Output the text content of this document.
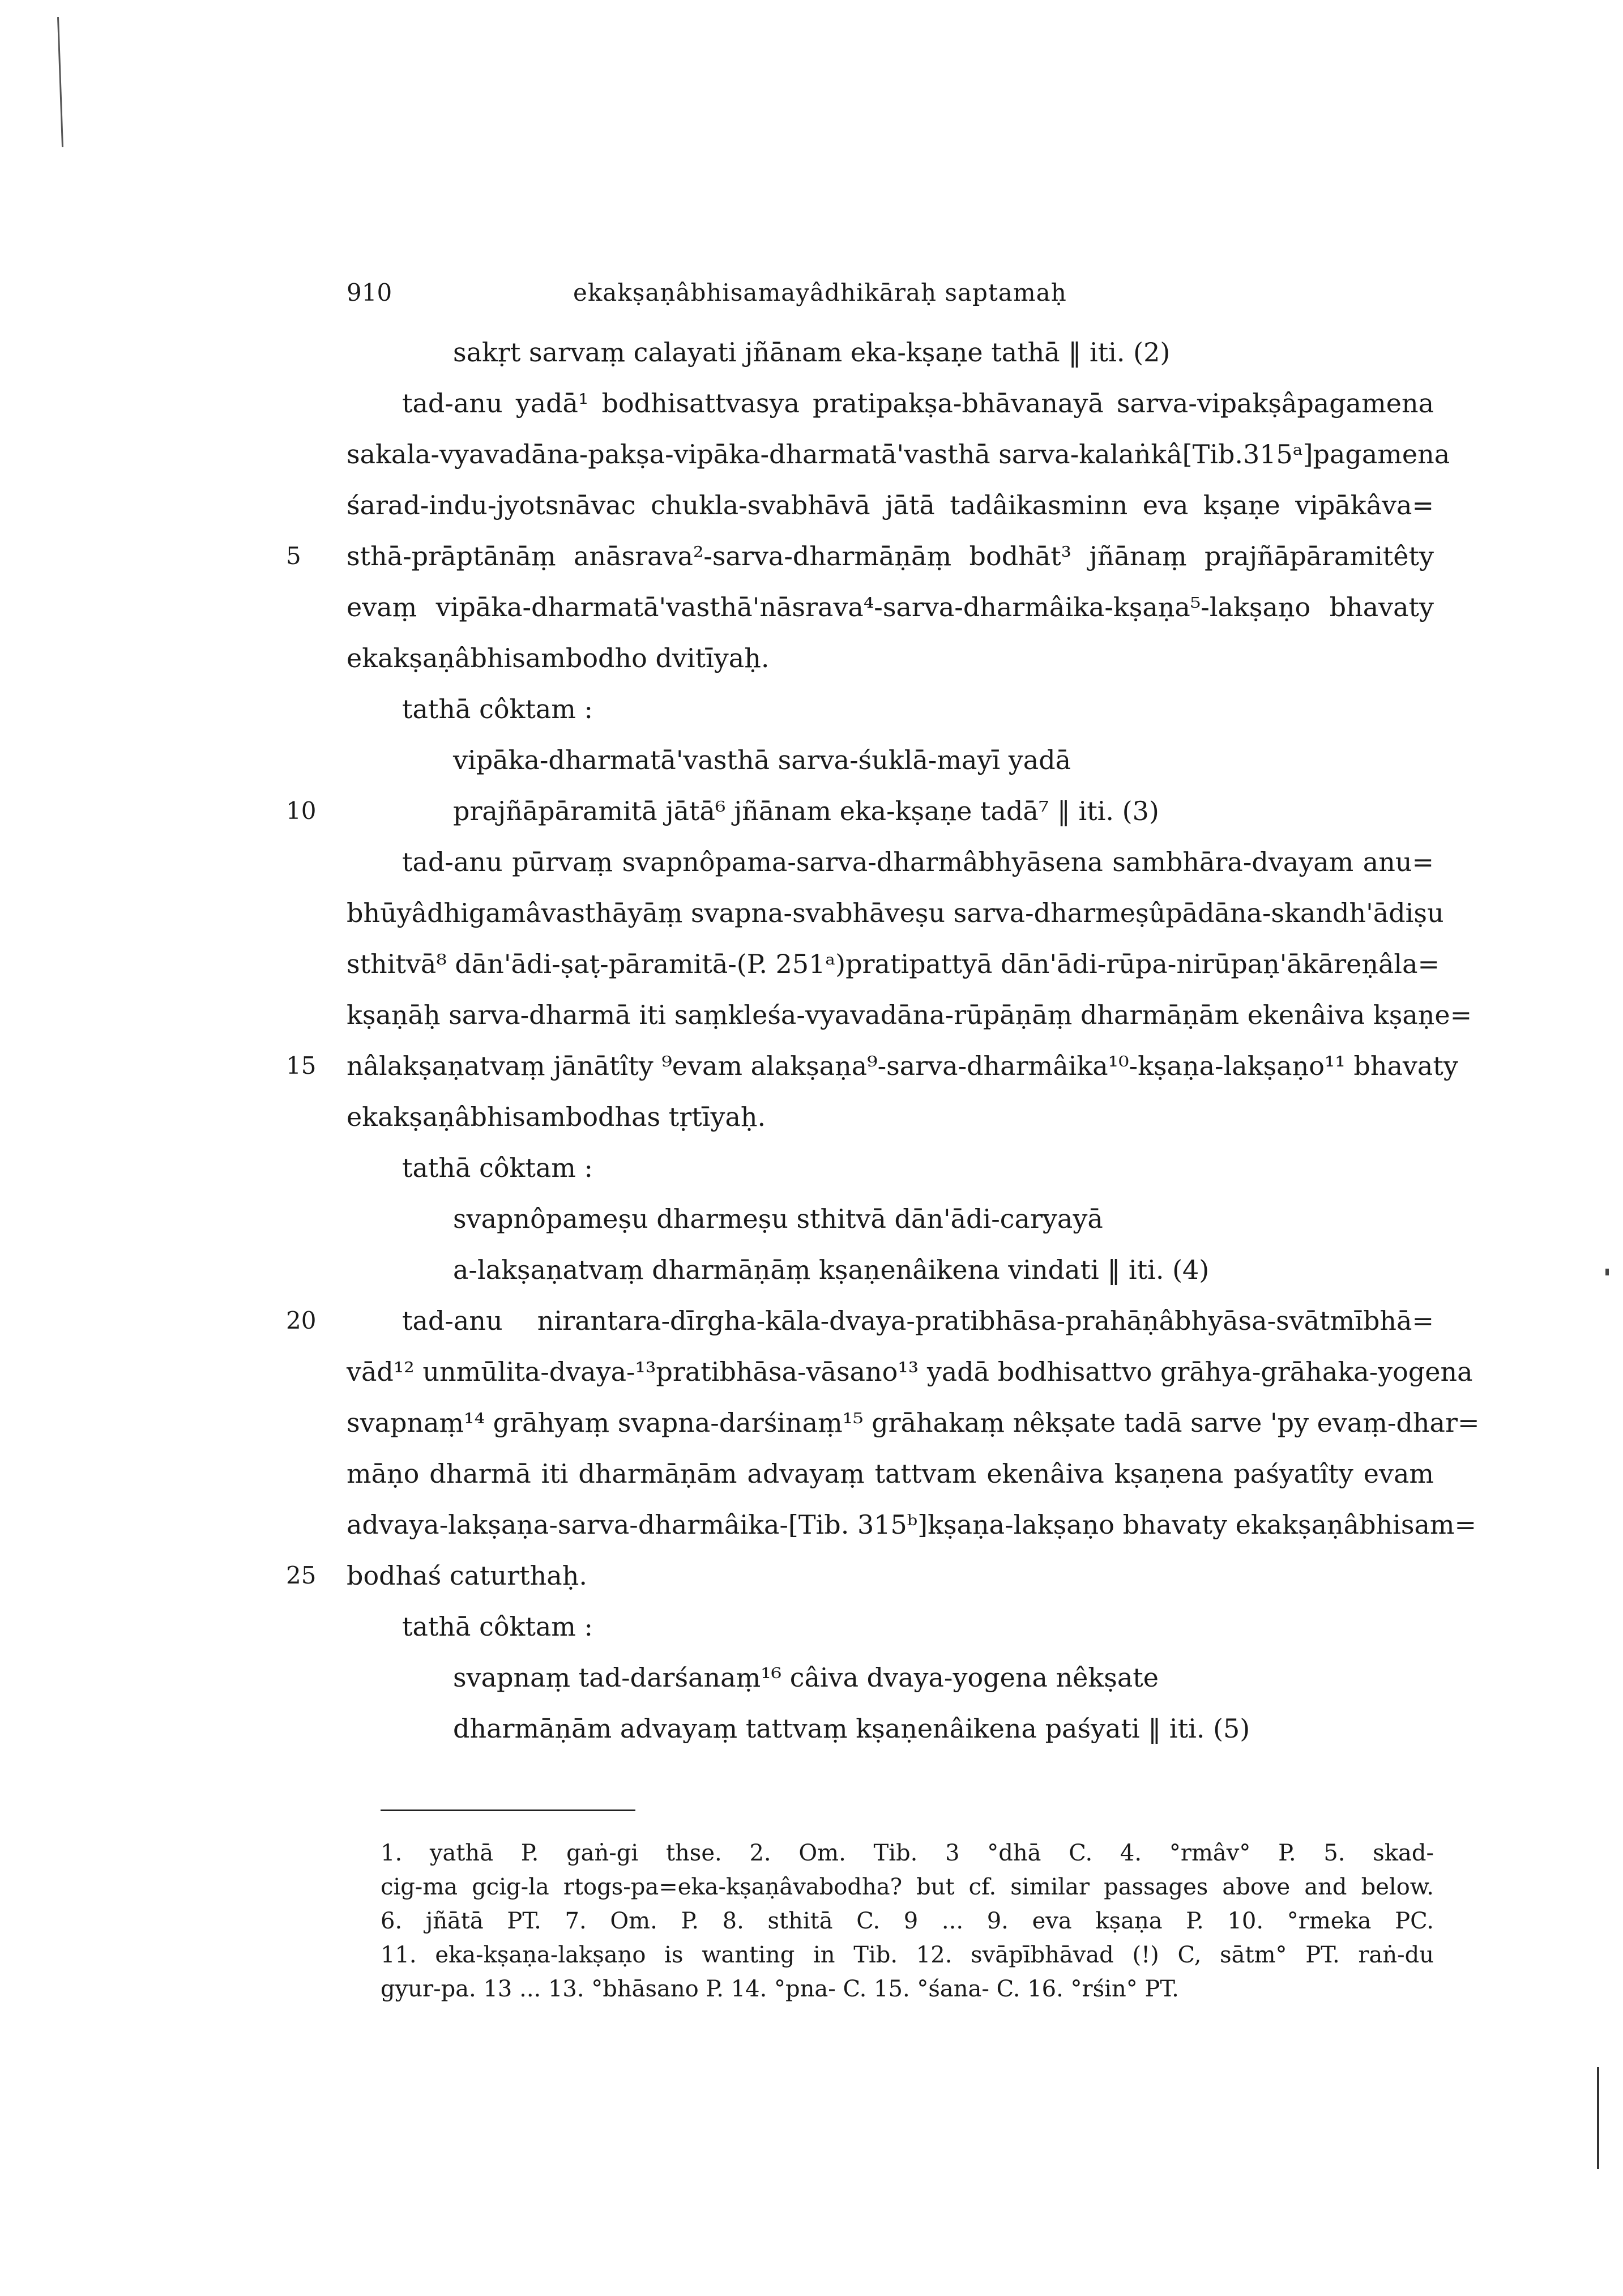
910	ekakṣaṇâbhisamayâdhikāraḥ saptamaḥ
sakṛt sarvaṃ calayati jñānam eka-kṣaṇe tathā ‖ iti. (2)
tad-anu yadā¹ bodhisattvasya pratipakṣa-bhāvanayā sarva-vipakṣâpagamena
sakala-vyavadāna-pakṣa-vipāka-dharmatā'vasthā sarva-kalaṅkâ[Tib.315ᵃ]pagamena
śarad-indu-jyotsnāvac chukla-svabhāvā jātā tadâikasminn eva kṣaṇe vipākâva=
sthā-prāptānāṃ anāsrava²-sarva-dharmāṇāṃ bodhāt³ jñānaṃ prajñāpāramitêty
evaṃ vipāka-dharmatā'vasthā'nāsrava⁴-sarva-dharmâika-kṣaṇa⁵-lakṣaṇo bhavaty
ekakṣaṇâbhisambodho dvitīyaḥ.
tathā côktam :
vipāka-dharmatā'vasthā sarva-śuklā-mayī yadā
prajñāpāramitā jātā⁶ jñānam eka-kṣaṇe tadā⁷ ‖ iti. (3)
tad-anu pūrvaṃ svapnôpama-sarva-dharmâbhyāsena sambhāra-dvayam anu=
bhūyâdhigamâvasthāyāṃ svapna-svabhāveṣu sarva-dharmeṣûpādāna-skandh'ādiṣu
sthitvā⁸ dān'ādi-ṣaṭ-pāramitā-(P. 251ᵃ)pratipattyā dān'ādi-rūpa-nirūpaṇ'ākāreṇâla=
kṣaṇāḥ sarva-dharmā iti saṃkleśa-vyavadāna-rūpāṇāṃ dharmāṇām ekenâiva kṣaṇe=
nâlakṣaṇatvaṃ jānātîty ⁹evam alakṣaṇa⁹-sarva-dharmâika¹⁰-kṣaṇa-lakṣaṇo¹¹ bhavaty
ekakṣaṇâbhisambodhas tṛtīyaḥ.
tathā côktam :
svapnôpameṣu dharmeṣu sthitvā dān'ādi-caryayā
a-lakṣaṇatvaṃ dharmāṇāṃ kṣaṇenâikena vindati ‖ iti. (4)
tad-anu nirantara-dīrgha-kāla-dvaya-pratibhāsa-prahāṇâbhyāsa-svātmībhā=
vād¹² unmūlita-dvaya-¹³pratibhāsa-vāsano¹³ yadā bodhisattvo grāhya-grāhaka-yogena
svapnaṃ¹⁴ grāhyaṃ svapna-darśinaṃ¹⁵ grāhakaṃ nêkṣate tadā sarve 'py evaṃ-dhar=
māṇo dharmā iti dharmāṇām advayaṃ tattvam ekenâiva kṣaṇena paśyatîty evam
advaya-lakṣaṇa-sarva-dharmâika-[Tib. 315ᵇ]kṣaṇa-lakṣaṇo bhavaty ekakṣaṇâbhisam=
bodhaś caturthaḥ.
tathā côktam :
svapnaṃ tad-darśanaṃ¹⁶ câiva dvaya-yogena nêkṣate
dharmāṇām advayaṃ tattvaṃ kṣaṇenâikena paśyati ‖ iti. (5)
5
10
15
20
25
1. yathā P. gaṅ-gi thse. 2. Om. Tib. 3 °dhā C. 4. °rmâv° P. 5. skad-
cig-ma gcig-la rtogs-pa=eka-kṣaṇâvabodha? but cf. similar passages above and below.
6. jñātā PT. 7. Om. P. 8. sthitā C. 9 ... 9. eva kṣaṇa P. 10. °rmeka PC.
11. eka-kṣaṇa-lakṣaṇo is wanting in Tib. 12. svāpībhāvad (!) C, sātm° PT. raṅ-du
gyur-pa. 13 ... 13. °bhāsano P. 14. °pna- C. 15. °śana- C. 16. °rśin° PT.
